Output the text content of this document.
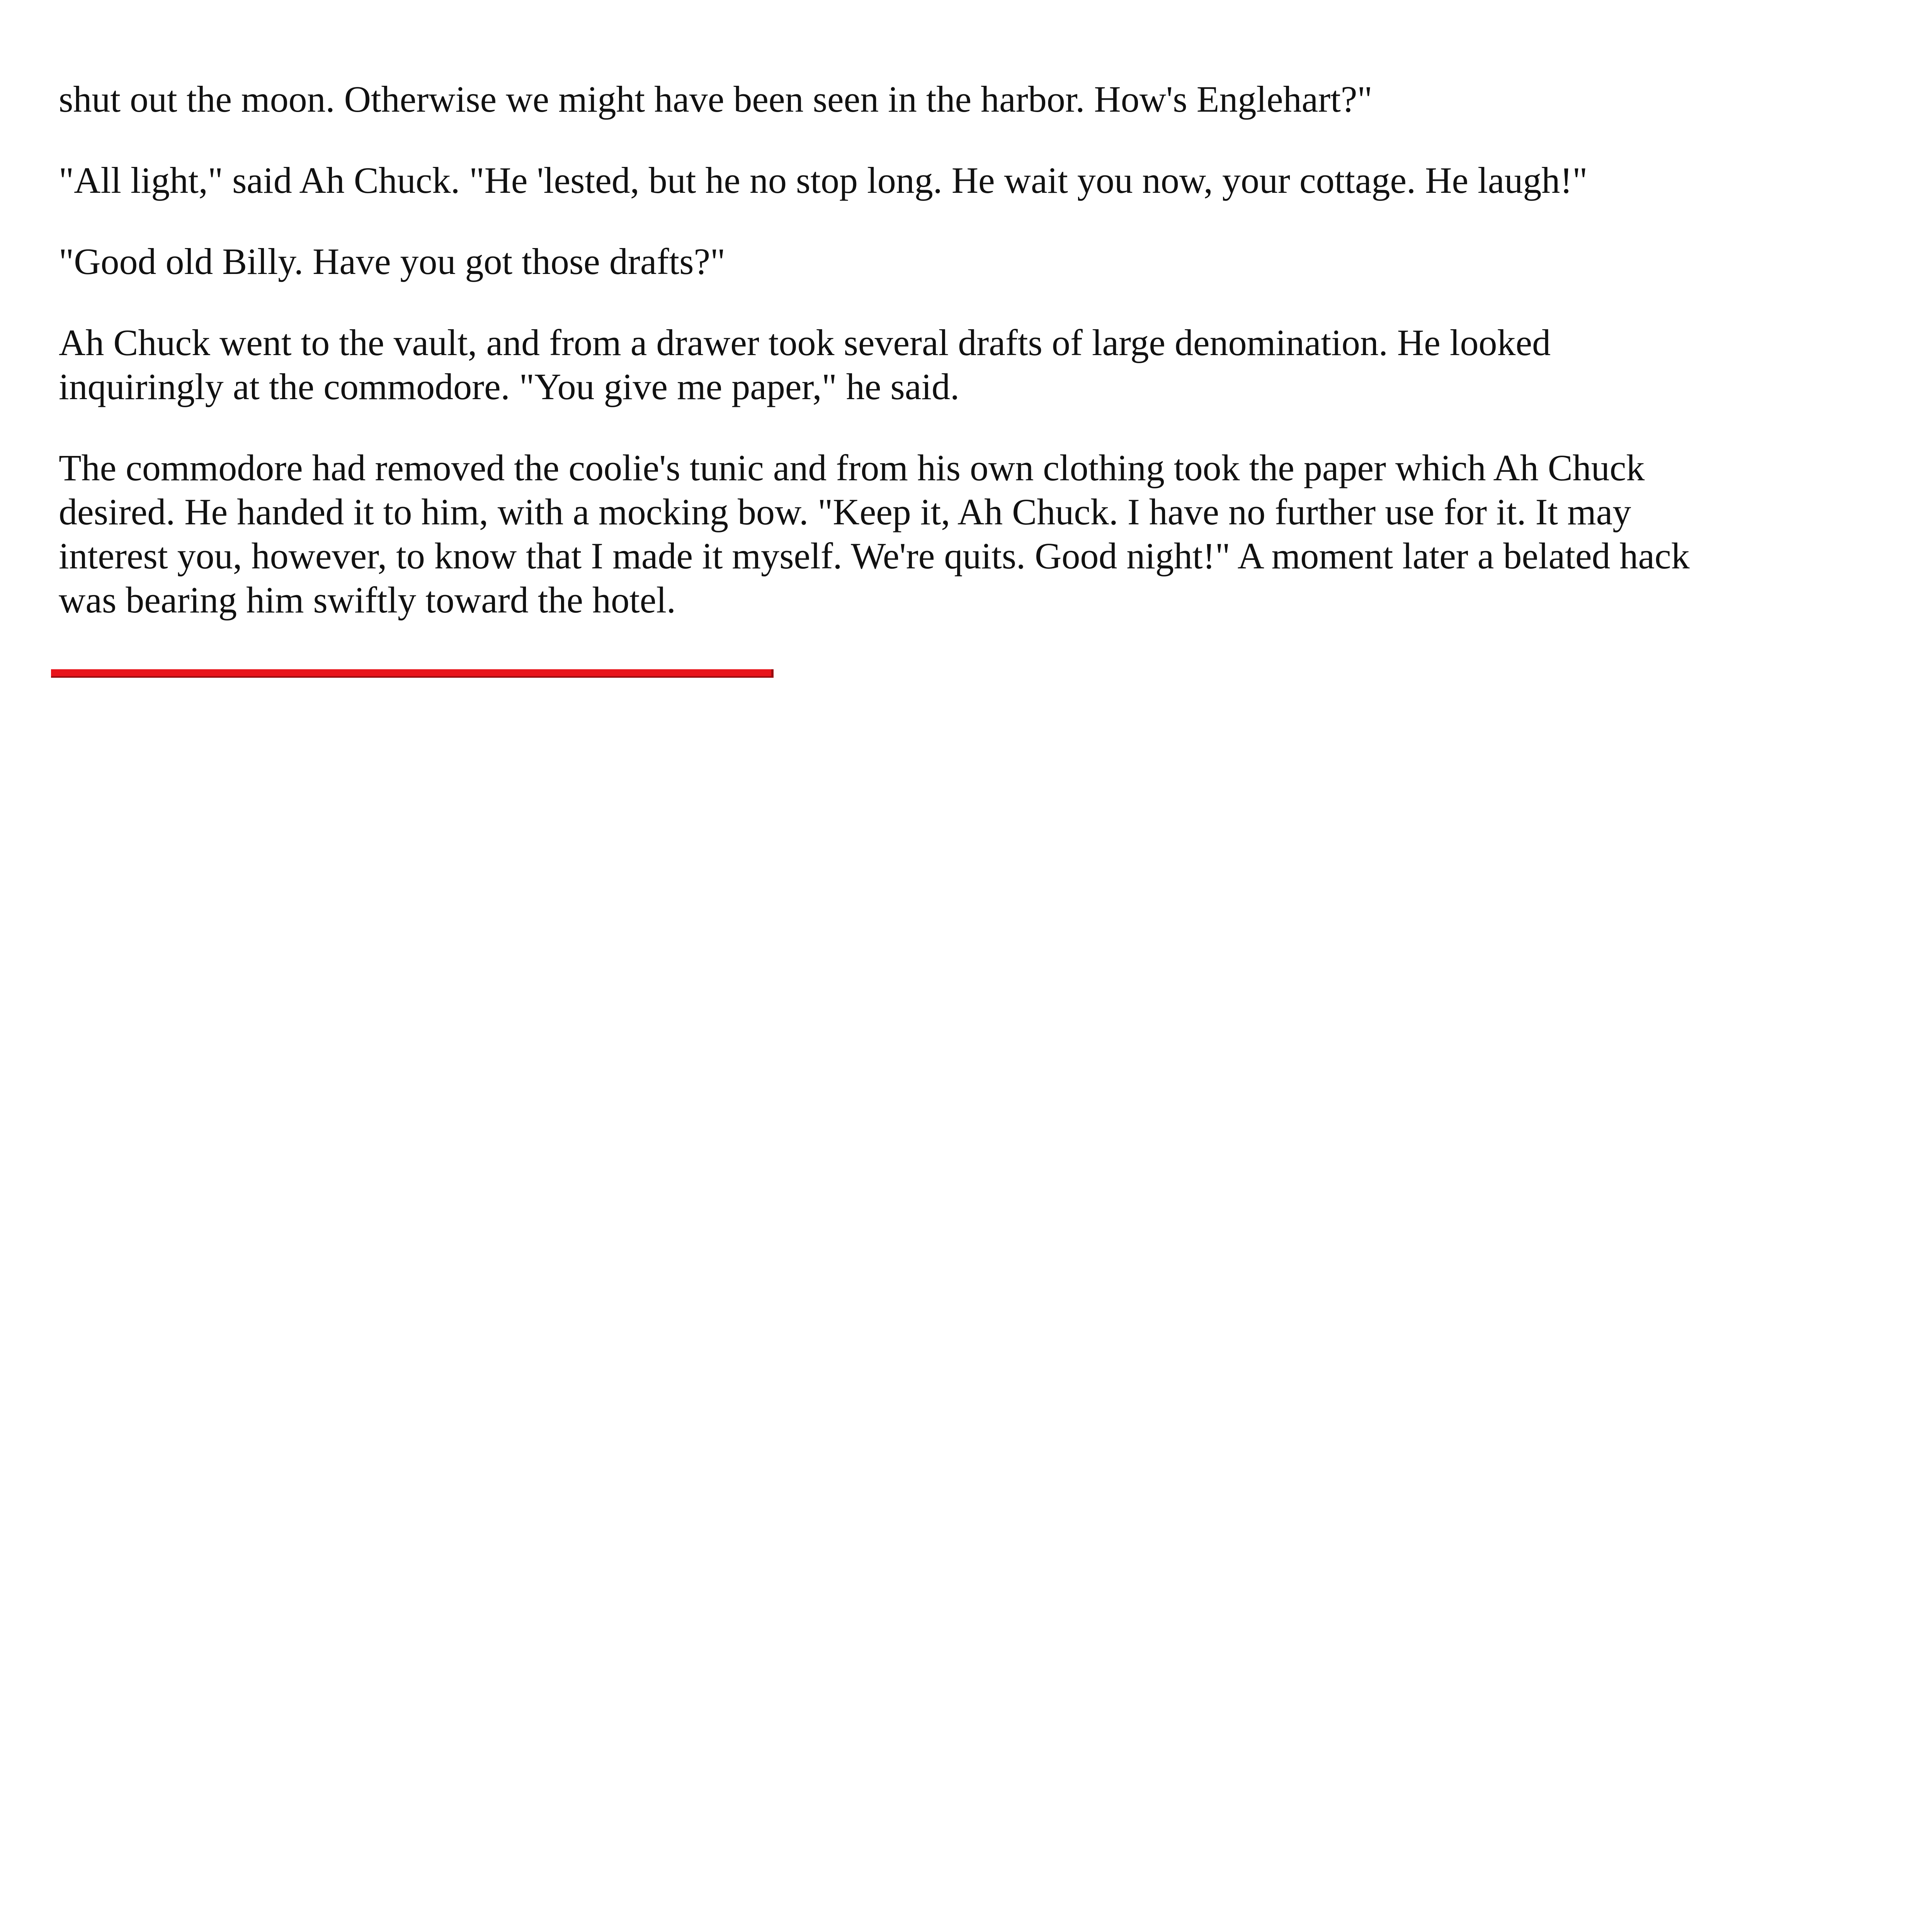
shut out the moon. Otherwise we might have been seen in the harbor. How's Englehart?"

"All light," said Ah Chuck. "He 'lested, but he no stop long. He wait you now, your cottage. He laugh!"

"Good old Billy. Have you got those drafts?"

Ah Chuck went to the vault, and from a drawer took several drafts of large denomination. He looked inquiringly at the commodore. "You give me paper," he said.

The commodore had removed the coolie's tunic and from his own clothing took the paper which Ah Chuck desired. He handed it to him, with a mocking bow. "Keep it, Ah Chuck. I have no further use for it. It may interest you, however, to know that I made it myself. We're quits. Good night!" A moment later a belated hack was bearing him swiftly toward the hotel.
